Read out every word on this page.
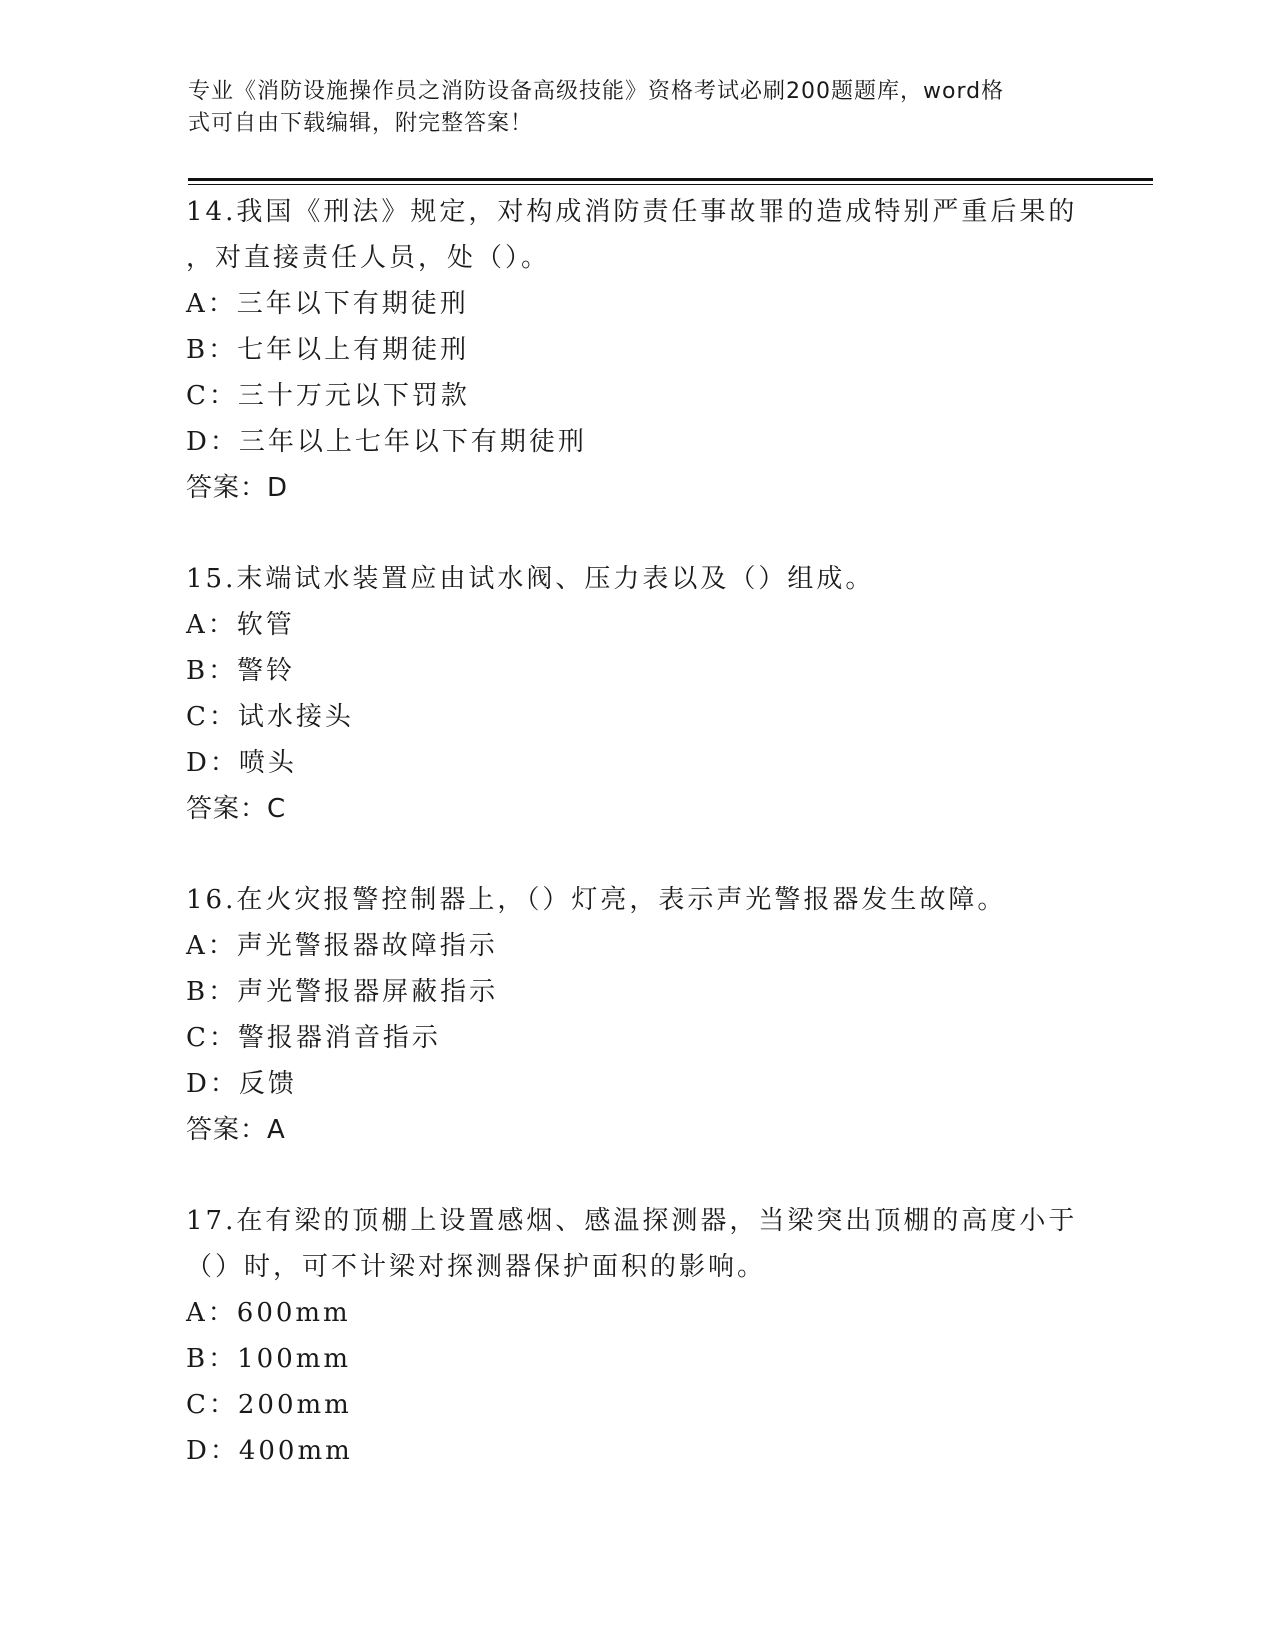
专业《消防设施操作员之消防设备高级技能》资格考试必刷200题题库，word格
式可自由下载编辑，附完整答案！
14.我国《刑法》规定，对构成消防责任事故罪的造成特别严重后果的
，对直接责任人员，处（）。
A：三年以下有期徒刑
B：七年以上有期徒刑
C：三十万元以下罚款
D：三年以上七年以下有期徒刑
答案：D
15.末端试水装置应由试水阀、压力表以及（）组成。
A：软管
B：警铃
C：试水接头
D：喷头
答案：C
16.在火灾报警控制器上，（）灯亮，表示声光警报器发生故障。
A：声光警报器故障指示
B：声光警报器屏蔽指示
C：警报器消音指示
D：反馈
答案：A
17.在有梁的顶棚上设置感烟、感温探测器，当梁突出顶棚的高度小于
（）时，可不计梁对探测器保护面积的影响。
A：600mm
B：100mm
C：200mm
D：400mm
